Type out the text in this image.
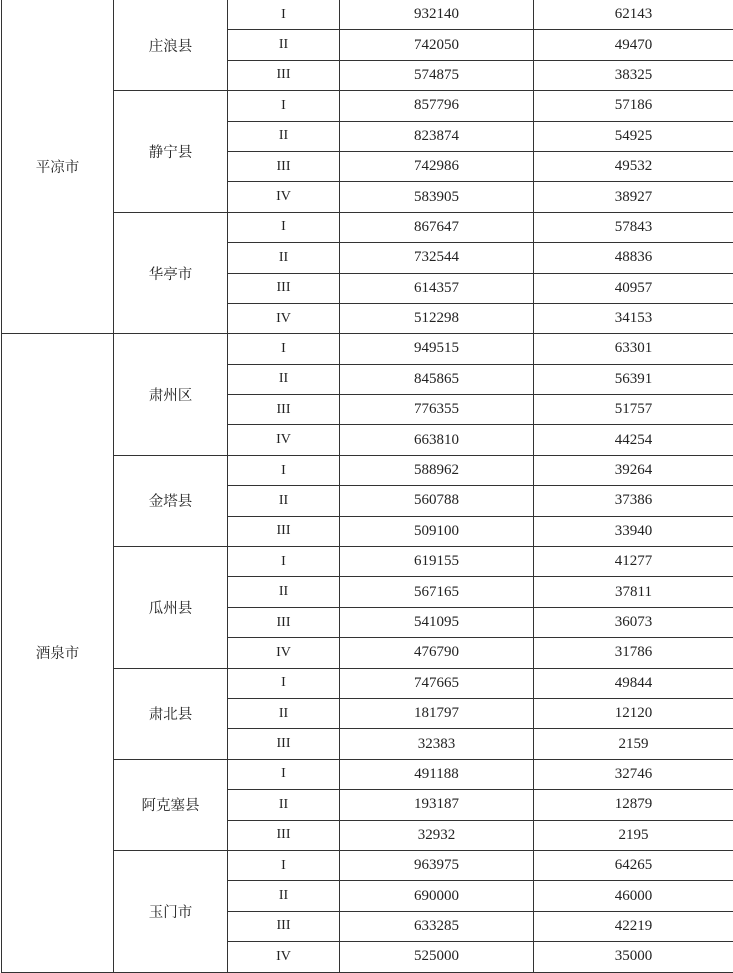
平凉市	庄浪县	I	932140	62143
		II	742050	49470
		III	574875	38325
	静宁县	I	857796	57186
		II	823874	54925
		III	742986	49532
		IV	583905	38927
	华亭市	I	867647	57843
		II	732544	48836
		III	614357	40957
		IV	512298	34153
酒泉市	肃州区	I	949515	63301
		II	845865	56391
		III	776355	51757
		IV	663810	44254
	金塔县	I	588962	39264
		II	560788	37386
		III	509100	33940
	瓜州县	I	619155	41277
		II	567165	37811
		III	541095	36073
		IV	476790	31786
	肃北县	I	747665	49844
		II	181797	12120
		III	32383	2159
	阿克塞县	I	491188	32746
		II	193187	12879
		III	32932	2195
	玉门市	I	963975	64265
		II	690000	46000
		III	633285	42219
		IV	525000	35000
